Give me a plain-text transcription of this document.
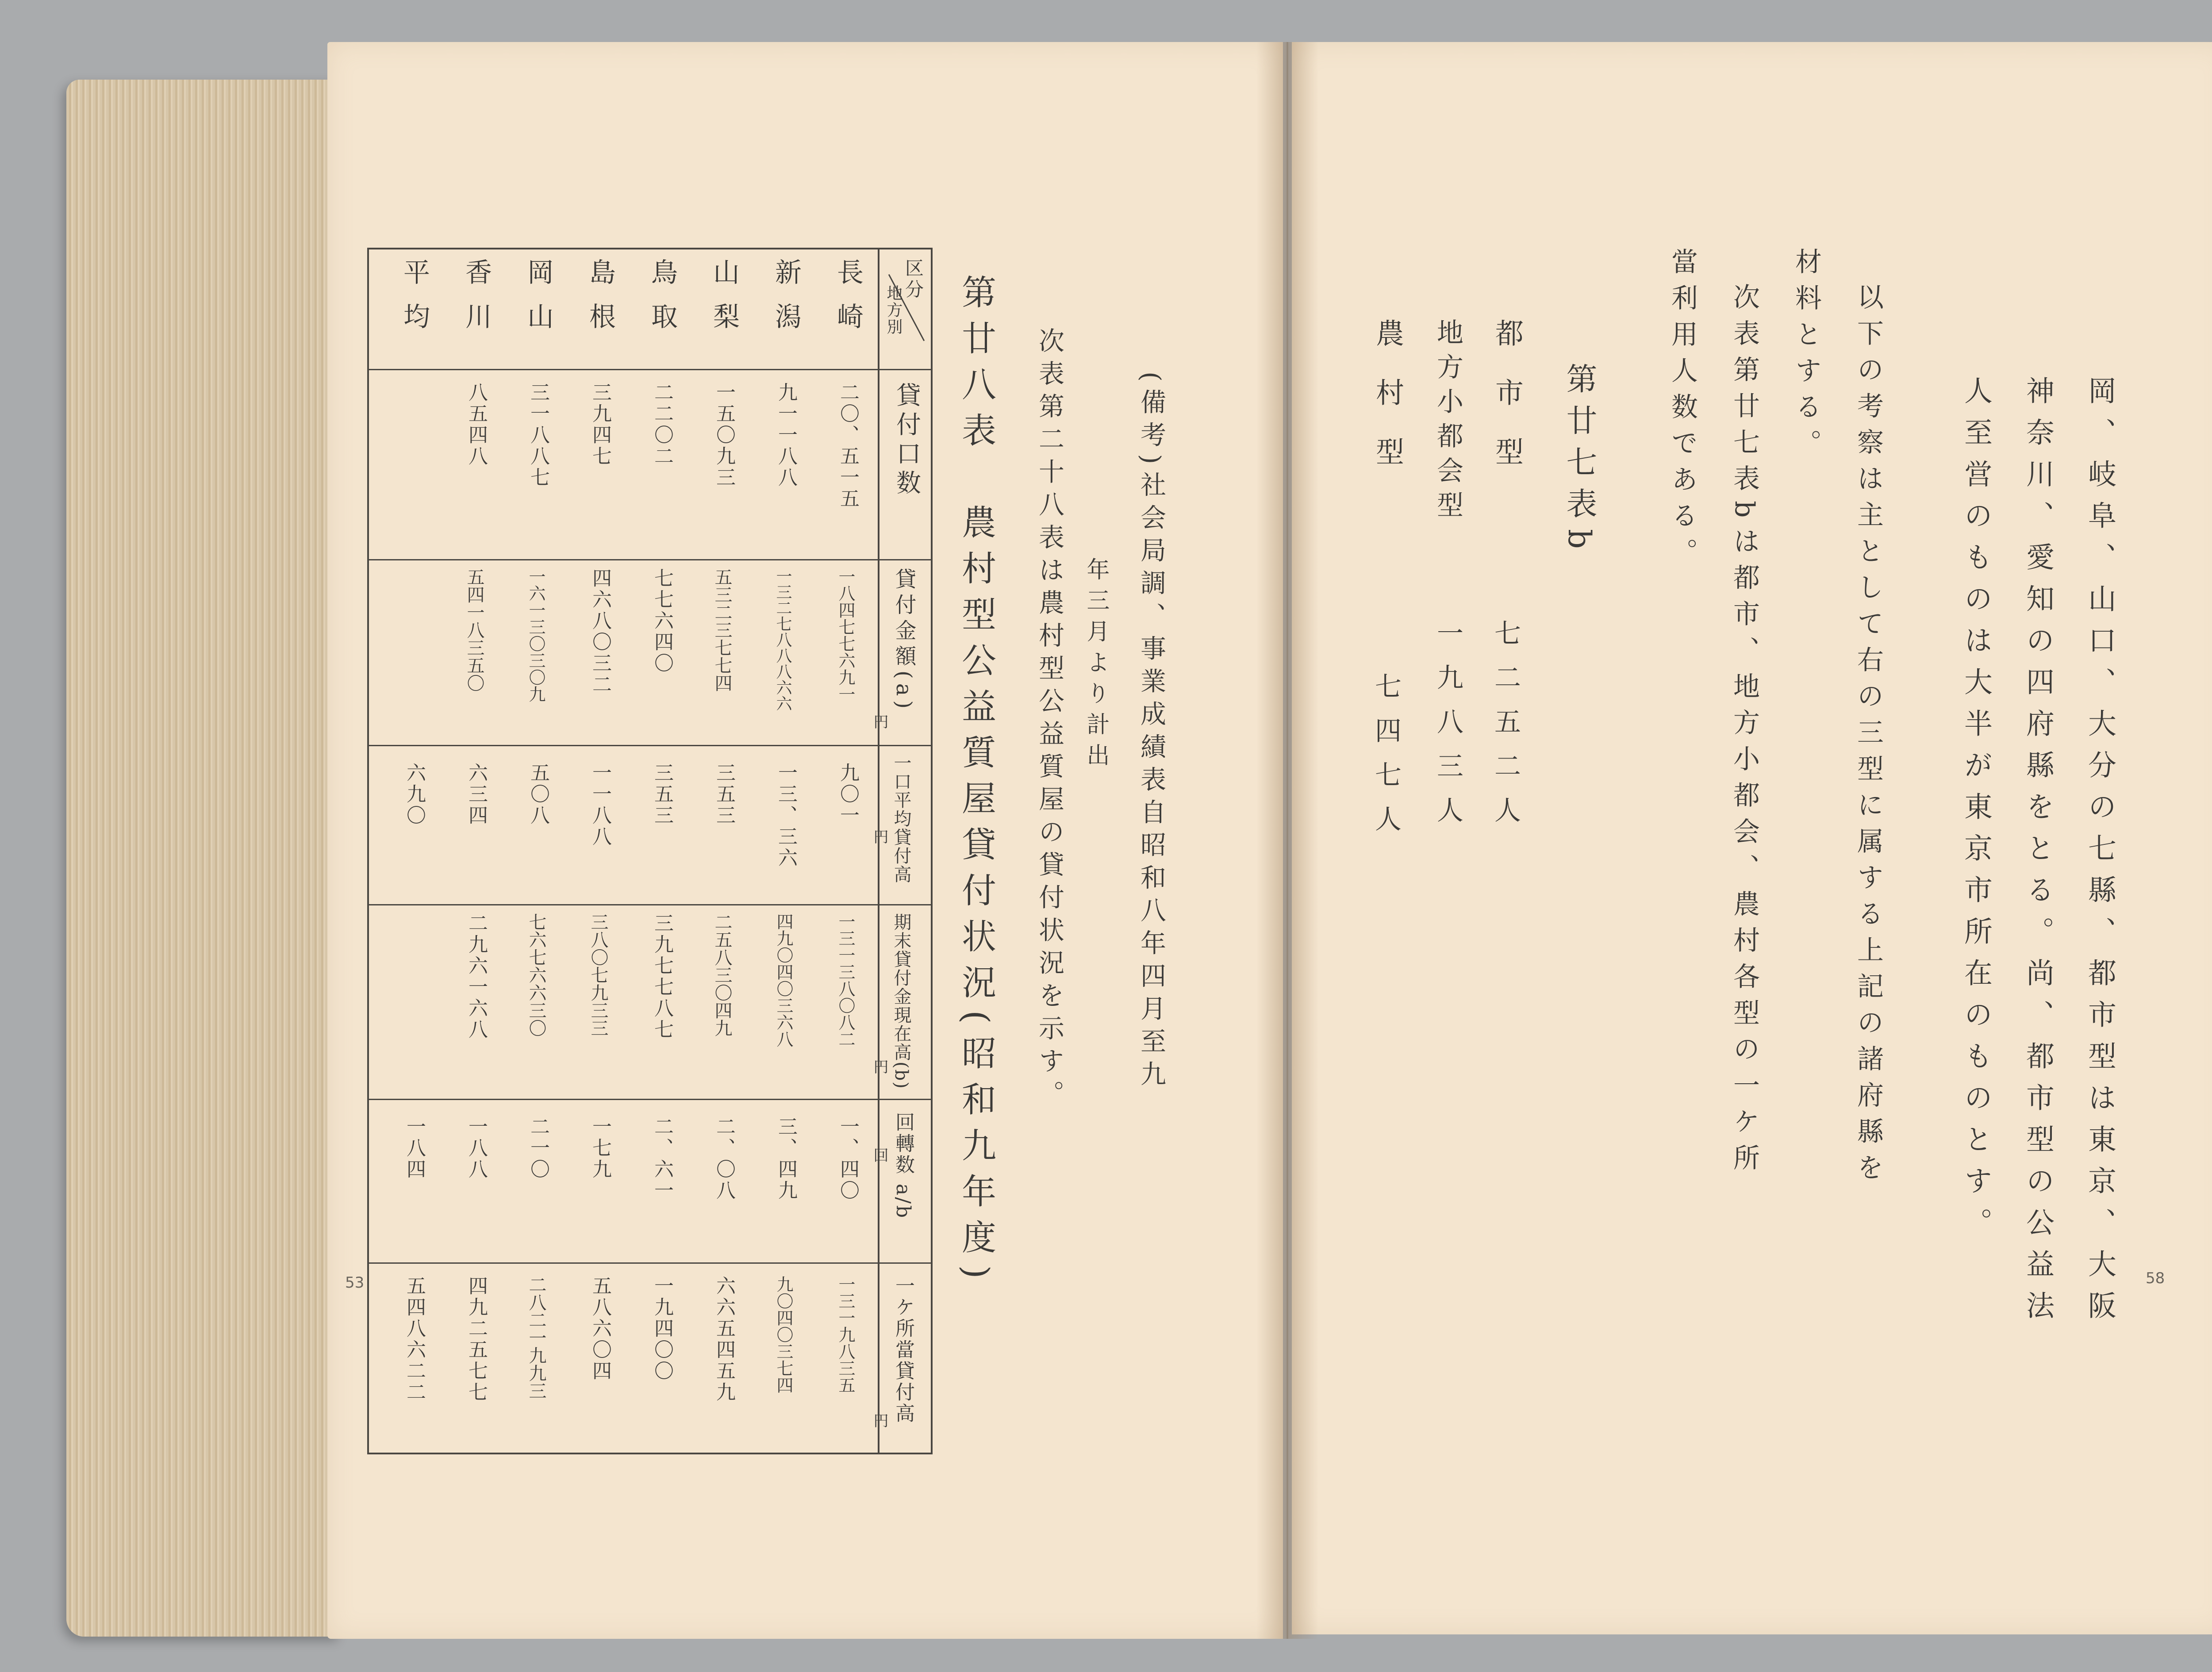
第廿八表　農村型公益質屋貸付状況(昭和九年度) 次表第二十八表は農村型公益質屋の貸付状況を示す。 年三月より計出 (備考)社会局調、事業成績表自昭和八年四月至九
区分
地方別
貸付口数
貸付金額(a)
円
一口平均貸付高
円
期末貸付金現在高(b)
円
回轉数 a/b
回
一ケ所當貸付高
円
長崎
新潟
山梨
鳥取
島根
岡山
香川
平均
二〇、五一五
一八四七七六九一
九〇一
一三一三八〇八二
一、四〇
一三一九八三五
九一一八八
一三二七八八八六六
一三、三六
四九〇四〇三六八
三、四九
九〇四〇三七四
一五〇九三
五三二三七七四
三五三
二五八三〇四九
二、〇八
六六五四五九
二二〇二
七七六四〇
三五三
三九七七八七
二、六一
一九四〇〇
三九四七
四六八〇三二
一一八八
三八〇七九三三
一七九
五八六〇四
三一八八七
一六一三〇三〇九
五〇八
七六七六六三〇
二一〇
二八二一九九三
八五四八
五四一八三五〇
六三四
二九六一六八
一八八
四九二五七七
六九〇
一八四
五四八六二二
53	58
岡、岐阜、山口、大分の七縣、都市型は東京、大阪
神奈川、愛知の四府縣をとる。尚、都市型の公益法
人至営のものは大半が東京市所在のものとす。
以下の考察は主として右の三型に属する上記の諸府縣を
材料とする。
次表第廿七表bは都市、地方小都会、農村各型の一ケ所
當利用人数である。
第廿七表b
都市型
七二五二人
地方小都会型
一九八三人
農村型
七四七人
